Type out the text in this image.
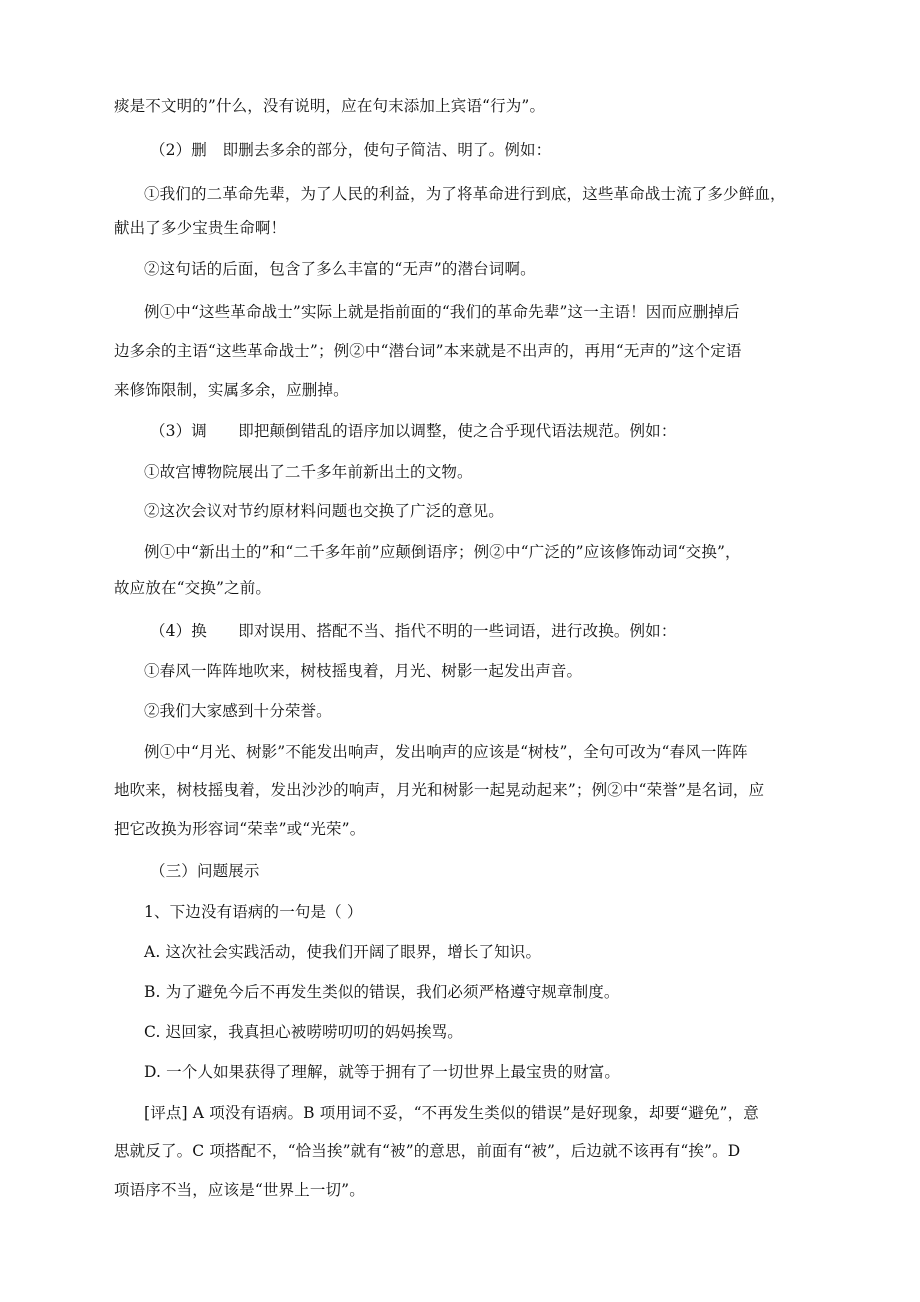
痰是不文明的”什么，没有说明，应在句末添加上宾语“行为”。
（2）删　即删去多余的部分，使句子简洁、明了。例如：
①我们的二革命先辈，为了人民的利益，为了将革命进行到底，这些革命战士流了多少鲜血，
献出了多少宝贵生命啊！
②这句话的后面，包含了多么丰富的“无声”的潜台词啊。
例①中“这些革命战士”实际上就是指前面的“我们的革命先辈”这一主语！因而应删掉后
边多余的主语“这些革命战士”；例②中“潜台词”本来就是不出声的，再用“无声的”这个定语
来修饰限制，实属多余，应删掉。
（3）调　　即把颠倒错乱的语序加以调整，使之合乎现代语法规范。例如：
①故宫博物院展出了二千多年前新出土的文物。
②这次会议对节约原材料问题也交换了广泛的意见。
例①中“新出土的”和“二千多年前”应颠倒语序；例②中“广泛的”应该修饰动词“交换”，
故应放在“交换”之前。
（4）换　　即对误用、搭配不当、指代不明的一些词语，进行改换。例如：
①春风一阵阵地吹来，树枝摇曳着，月光、树影一起发出声音。
②我们大家感到十分荣誉。
例①中“月光、树影”不能发出响声，发出响声的应该是“树枝”，全句可改为“春风一阵阵
地吹来，树枝摇曳着，发出沙沙的响声，月光和树影一起晃动起来”；例②中“荣誉”是名词，应
把它改换为形容词“荣幸”或“光荣”。
（三）问题展示
1、下边没有语病的一句是（ ）
A. 这次社会实践活动，使我们开阔了眼界，增长了知识。
B. 为了避免今后不再发生类似的错误，我们必须严格遵守规章制度。
C. 迟回家，我真担心被唠唠叨叨的妈妈挨骂。
D. 一个人如果获得了理解，就等于拥有了一切世界上最宝贵的财富。
[评点] A 项没有语病。B 项用词不妥，“不再发生类似的错误”是好现象，却要“避免”，意
思就反了。C 项搭配不，“恰当挨”就有“被”的意思，前面有“被”，后边就不该再有“挨”。D
项语序不当，应该是“世界上一切”。
